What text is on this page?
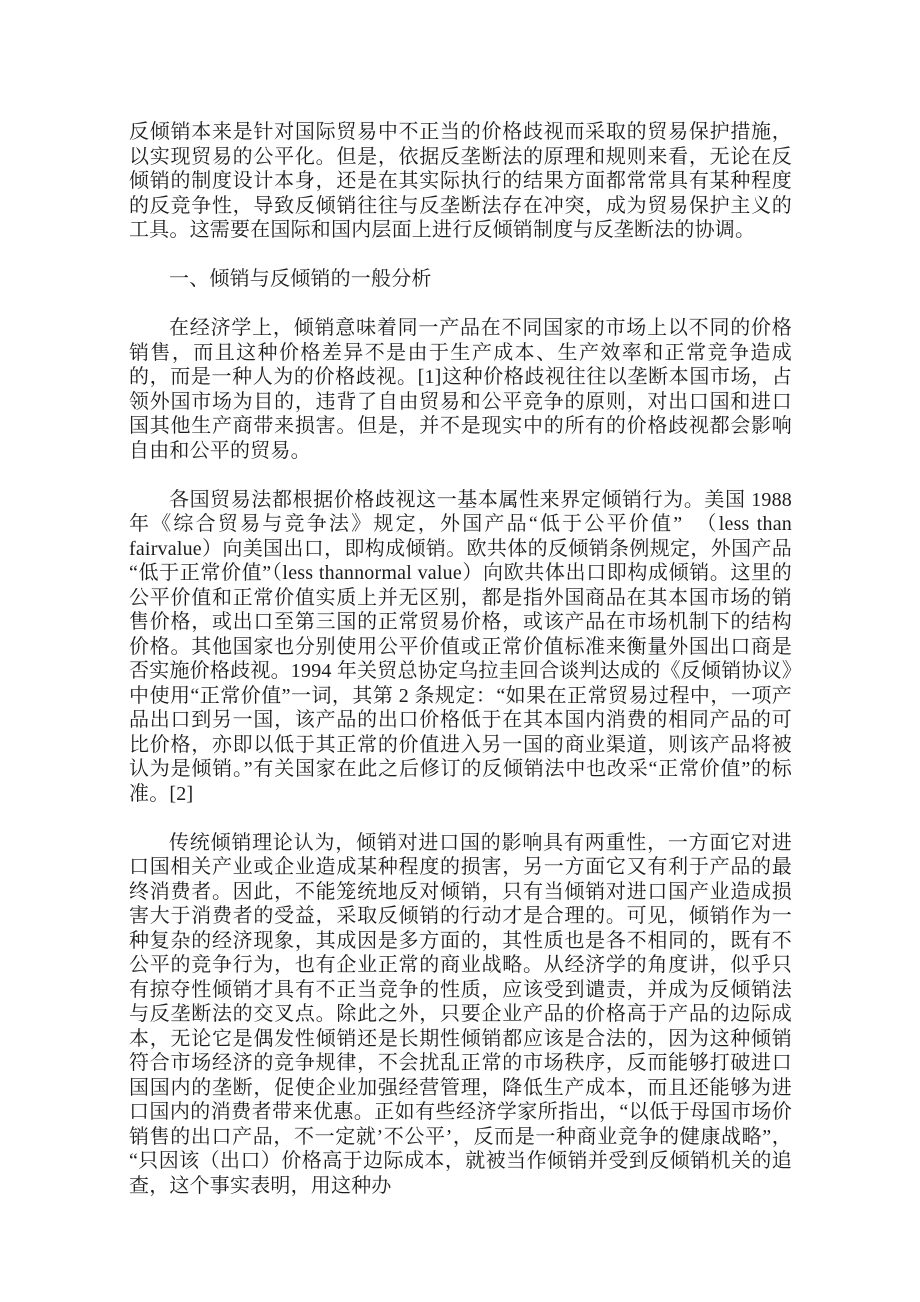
反倾销本来是针对国际贸易中不正当的价格歧视而采取的贸易保护措施，以实现贸易的公平化。但是，依据反垄断法的原理和规则来看，无论在反倾销的制度设计本身，还是在其实际执行的结果方面都常常具有某种程度的反竞争性，导致反倾销往往与反垄断法存在冲突，成为贸易保护主义的工具。这需要在国际和国内层面上进行反倾销制度与反垄断法的协调。

一、倾销与反倾销的一般分析

在经济学上，倾销意味着同一产品在不同国家的市场上以不同的价格销售，而且这种价格差异不是由于生产成本、生产效率和正常竞争造成的，而是一种人为的价格歧视。[1]这种价格歧视往往以垄断本国市场，占领外国市场为目的，违背了自由贸易和公平竞争的原则，对出口国和进口国其他生产商带来损害。但是，并不是现实中的所有的价格歧视都会影响自由和公平的贸易。

各国贸易法都根据价格歧视这一基本属性来界定倾销行为。美国 1988 年《综合贸易与竞争法》规定，外国产品“低于公平价值”　（less than fairvalue）向美国出口，即构成倾销。欧共体的反倾销条例规定，外国产品“低于正常价值”（less thannormal value）向欧共体出口即构成倾销。这里的公平价值和正常价值实质上并无区别，都是指外国商品在其本国市场的销售价格，或出口至第三国的正常贸易价格，或该产品在市场机制下的结构价格。其他国家也分别使用公平价值或正常价值标准来衡量外国出口商是否实施价格歧视。1994 年关贸总协定乌拉圭回合谈判达成的《反倾销协议》中使用“正常价值”一词，其第 2 条规定：“如果在正常贸易过程中，一项产品出口到另一国，该产品的出口价格低于在其本国内消费的相同产品的可比价格，亦即以低于其正常的价值进入另一国的商业渠道，则该产品将被认为是倾销。”有关国家在此之后修订的反倾销法中也改采“正常价值”的标准。[2]

传统倾销理论认为，倾销对进口国的影响具有两重性，一方面它对进口国相关产业或企业造成某种程度的损害，另一方面它又有利于产品的最终消费者。因此，不能笼统地反对倾销，只有当倾销对进口国产业造成损害大于消费者的受益，采取反倾销的行动才是合理的。可见，倾销作为一种复杂的经济现象，其成因是多方面的，其性质也是各不相同的，既有不公平的竞争行为，也有企业正常的商业战略。从经济学的角度讲，似乎只有掠夺性倾销才具有不正当竞争的性质，应该受到谴责，并成为反倾销法与反垄断法的交叉点。除此之外，只要企业产品的价格高于产品的边际成本，无论它是偶发性倾销还是长期性倾销都应该是合法的，因为这种倾销符合市场经济的竞争规律，不会扰乱正常的市场秩序，反而能够打破进口国国内的垄断，促使企业加强经营管理，降低生产成本，而且还能够为进口国内的消费者带来优惠。正如有些经济学家所指出，“以低于母国市场价销售的出口产品，不一定就’不公平’，反而是一种商业竞争的健康战略”，“只因该（出口）价格高于边际成本，就被当作倾销并受到反倾销机关的追查，这个事实表明，用这种办
